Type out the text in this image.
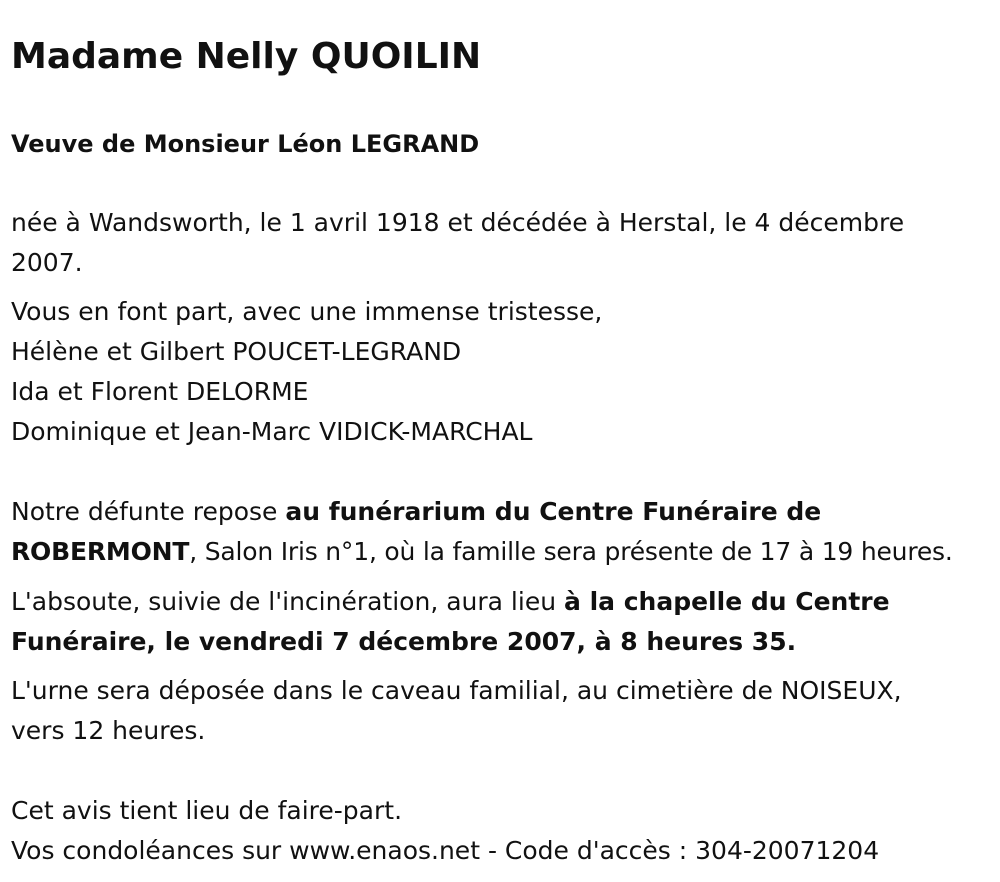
Madame Nelly QUOILIN
Veuve de Monsieur Léon LEGRAND
née à Wandsworth, le 1 avril 1918 et décédée à Herstal, le 4 décembre
2007.
Vous en font part, avec une immense tristesse,
Hélène et Gilbert POUCET-LEGRAND
Ida et Florent DELORME
Dominique et Jean-Marc VIDICK-MARCHAL
Notre défunte repose au funérarium du Centre Funéraire de
ROBERMONT, Salon Iris n°1, où la famille sera présente de 17 à 19 heures.
L'absoute, suivie de l'incinération, aura lieu à la chapelle du Centre
Funéraire, le vendredi 7 décembre 2007, à 8 heures 35.
L'urne sera déposée dans le caveau familial, au cimetière de NOISEUX,
vers 12 heures.
Cet avis tient lieu de faire-part.
Vos condoléances sur www.enaos.net - Code d'accès : 304-20071204
